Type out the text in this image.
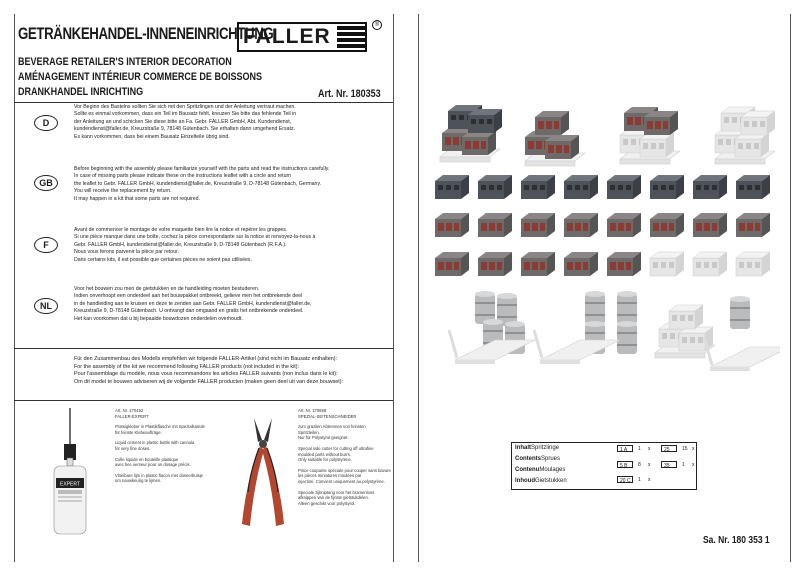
GETRÄNKEHANDEL-INNENEINRICHTUNG
FALLER	®
BEVERAGE RETAILER'S INTERIOR DECORATION
AMÉNAGEMENT INTÉRIEUR COMMERCE DE BOISSONS
DRANKHANDEL INRICHTING	Art. Nr. 180353
D
Vor Beginn des Bastelns sollten Sie sich mit den Spritzlingen und der Anleitung vertraut machen.
Sollte es einmal vorkommen, dass ein Teil im Bausatz fehlt, kreuzen Sie bitte das fehlende Teil in
der Anleitung an und schicken Sie diese bitte an Fa. Gebr. FALLER GmbH, Abt. Kundendienst,
kundendienst@faller.de, Kreuzstraße 9, 78148 Gütenbach. Sie erhalten dann umgehend Ersatz.
Es kann vorkommen, dass bei einem Bausatz Einzelteile übrig sind.
GB
Before beginning with the assembly please familiarize yourself with the parts and read the instructions carefully.
In case of missing parts please indicate these on the instructions leaflet with a circle and return
the leaflet to Gebr. FALLER GmbH, kundendienst@faller.de, Kreuzstraße 9, D-78148 Gütenbach, Germany.
You will receive the replacement by return.
It may happen in a kit that some parts are not required.
F
Avant de commencer le montage de votre maquette bien lire la notice et repérer les grappes.
Si une pièce manque dans une boîte, cochez la pièce correspondante sur la notice et renvoyez-la-nous à
Gebr. FALLER GmbH, kundendienst@faller.de, Kreuzstraße 9, D-78148 Gütenbach (R.F.A.).
Nous vous ferons parvenir la pièce par retour.
Dans certains kits, il est possible que certaines pièces ne soient pas utilisées.
NL
Voor het bouwen zou men de gietstukken en de handleiding moeten bestuderen.
Indien onverhoopt een onderdeel aan het bouwpakket ontbreekt, gelieve men het ontbrekende deel
in de handleiding aan te kruisen en deze te zenden aan Gebr. FALLER GmbH, kundendienst@faller.de,
Kreuzstraße 9, D-78148 Gütenbach. U ontvangt dan omgaand en gratis het ontbrekende onderdeel.
Het kan voorkomen dat u bij bepaalde bouwdozen onderdelen overhoudt.
Für den Zusammenbau des Modells empfehlen wir folgende FALLER-Artikel (sind nicht im Bausatz enthalten):
For the assembly of the kit we recommend following FALLER products (not included in the kit):
Pour l'assemblage du modèle, nous vous recommandons les articles FALLER suivants (non inclus dans le kit):
Om dit model te bouwen adviseren wij de volgende FALLER producten (maken geen deel uit van deze bouwset):
EXPERT
Art. Nr. 170492
FALLER-EXPERT
Flüssigkleber in Plastikflasche mit Spezialkanüle
für feinste Klebeaufträge.
Liquid cement in plastic bottle with cannula
for very fine doses.
Colle liquide en bouteille plastique
avec bec verseur pour un dosage précis.
Vloeibare lijm in plastic flacon met doseerbuisje
om nauwkeurig te lijmen.
Art. Nr. 170688
SPEZIAL-SEITENSCHNEIDER
zum grazilen Abtrennen von feinsten
Spritzteilen.
Nur für Polystyrol geeignet.
Special side cutter for cutting off ultrafine
moulded parts without burrs.
Only suitable for polystyrene.
Pince coupante spéciale pour couper sans bavure
les pièces miniatures moulées par
injection. Convient uniquement au polystyrène.
Speciale zijkniptang voor het bramenloos
afknippen van de fijnste gietstukdelen.
Alleen geschikt voor polystyrol.
InhaltSpritzlinge
ContentsSprues
ContenuMoulages
InhoudGietstukken
1 A	1 x	25	15 x
5 B	8 x	35	1 x
20 C	1 x
Sa. Nr. 180 353 1
